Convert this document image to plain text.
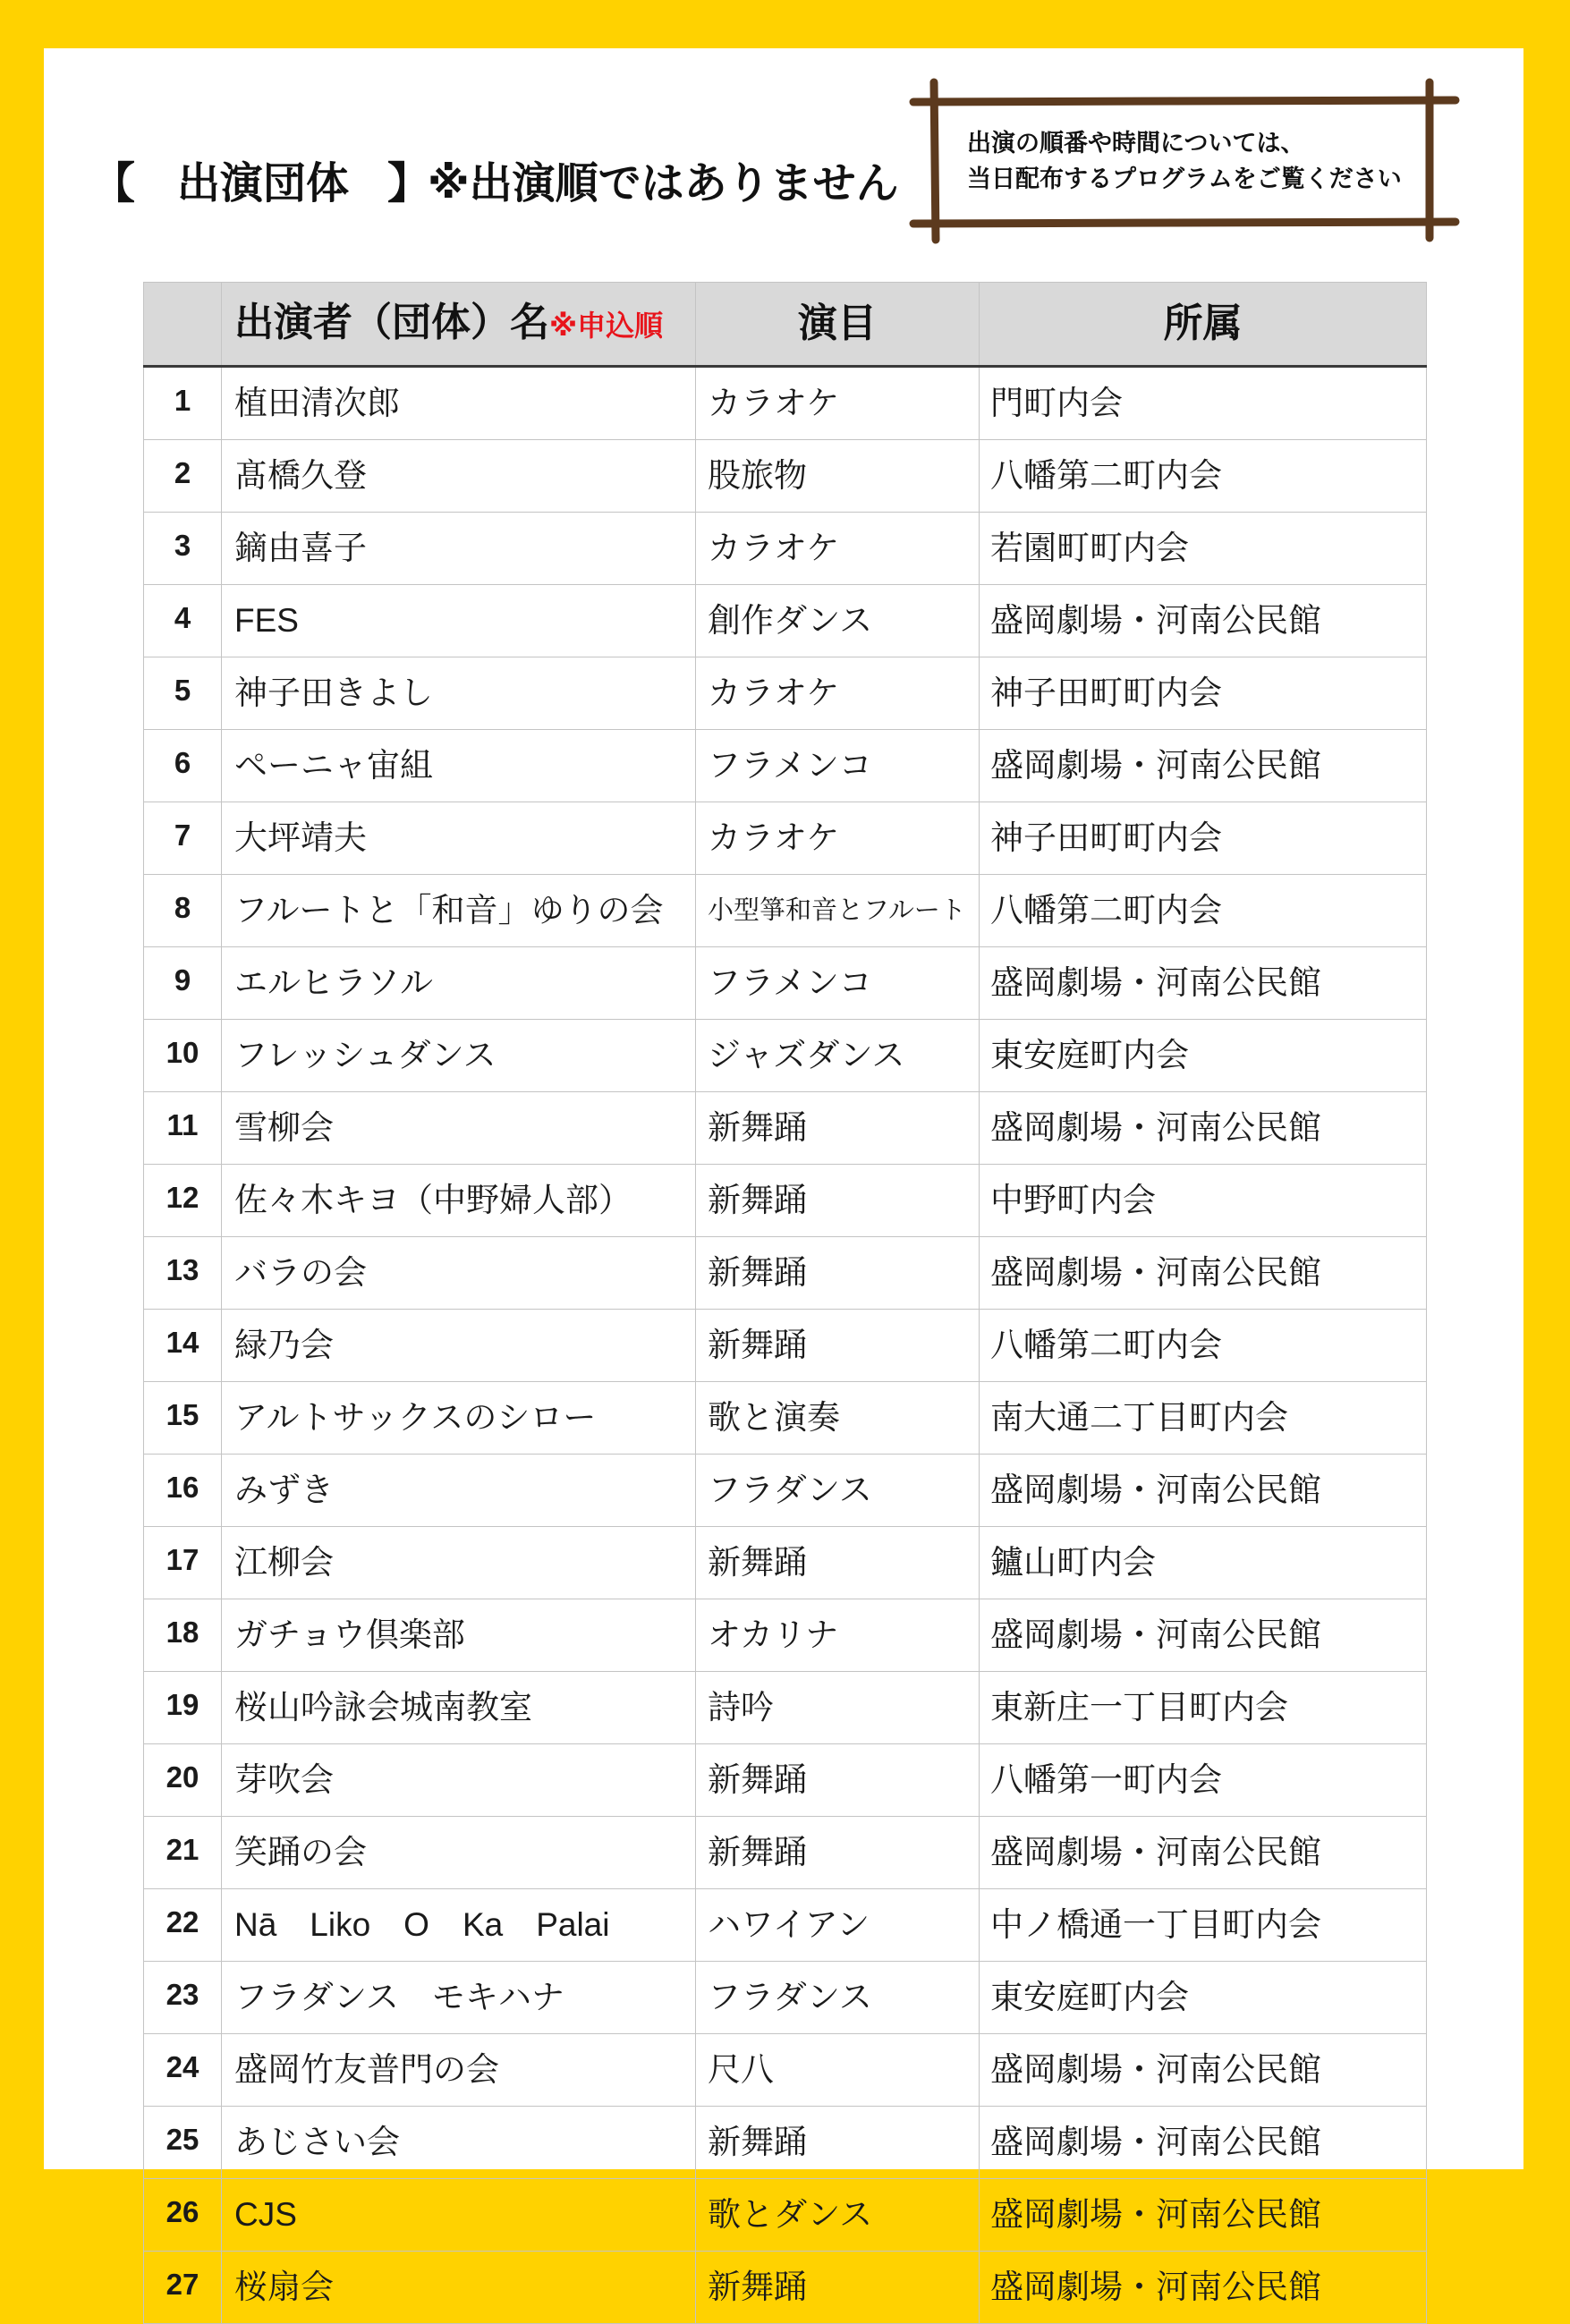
【 出演団体 】
※出演順ではありません
出演の順番や時間については、
当日配布するプログラムをご覧ください
	出演者（団体）名※申込順	演目	所属
1	植田清次郎	カラオケ	門町内会
2	髙橋久登	股旅物	八幡第二町内会
3	鏑由喜子	カラオケ	若園町町内会
4	FES	創作ダンス	盛岡劇場・河南公民館
5	神子田きよし	カラオケ	神子田町町内会
6	ペーニャ宙組	フラメンコ	盛岡劇場・河南公民館
7	大坪靖夫	カラオケ	神子田町町内会
8	フルートと「和音」ゆりの会	小型箏和音とフルート	八幡第二町内会
9	エルヒラソル	フラメンコ	盛岡劇場・河南公民館
10	フレッシュダンス	ジャズダンス	東安庭町内会
11	雪柳会	新舞踊	盛岡劇場・河南公民館
12	佐々木キヨ（中野婦人部）	新舞踊	中野町内会
13	バラの会	新舞踊	盛岡劇場・河南公民館
14	緑乃会	新舞踊	八幡第二町内会
15	アルトサックスのシロー	歌と演奏	南大通二丁目町内会
16	みずき	フラダンス	盛岡劇場・河南公民館
17	江柳会	新舞踊	鑪山町内会
18	ガチョウ倶楽部	オカリナ	盛岡劇場・河南公民館
19	桜山吟詠会城南教室	詩吟	東新庄一丁目町内会
20	芽吹会	新舞踊	八幡第一町内会
21	笑踊の会	新舞踊	盛岡劇場・河南公民館
22	Nā　Liko　O　Ka　Palai	ハワイアン	中ノ橋通一丁目町内会
23	フラダンス　モキハナ	フラダンス	東安庭町内会
24	盛岡竹友普門の会	尺八	盛岡劇場・河南公民館
25	あじさい会	新舞踊	盛岡劇場・河南公民館
26	CJS	歌とダンス	盛岡劇場・河南公民館
27	桜扇会	新舞踊	盛岡劇場・河南公民館
